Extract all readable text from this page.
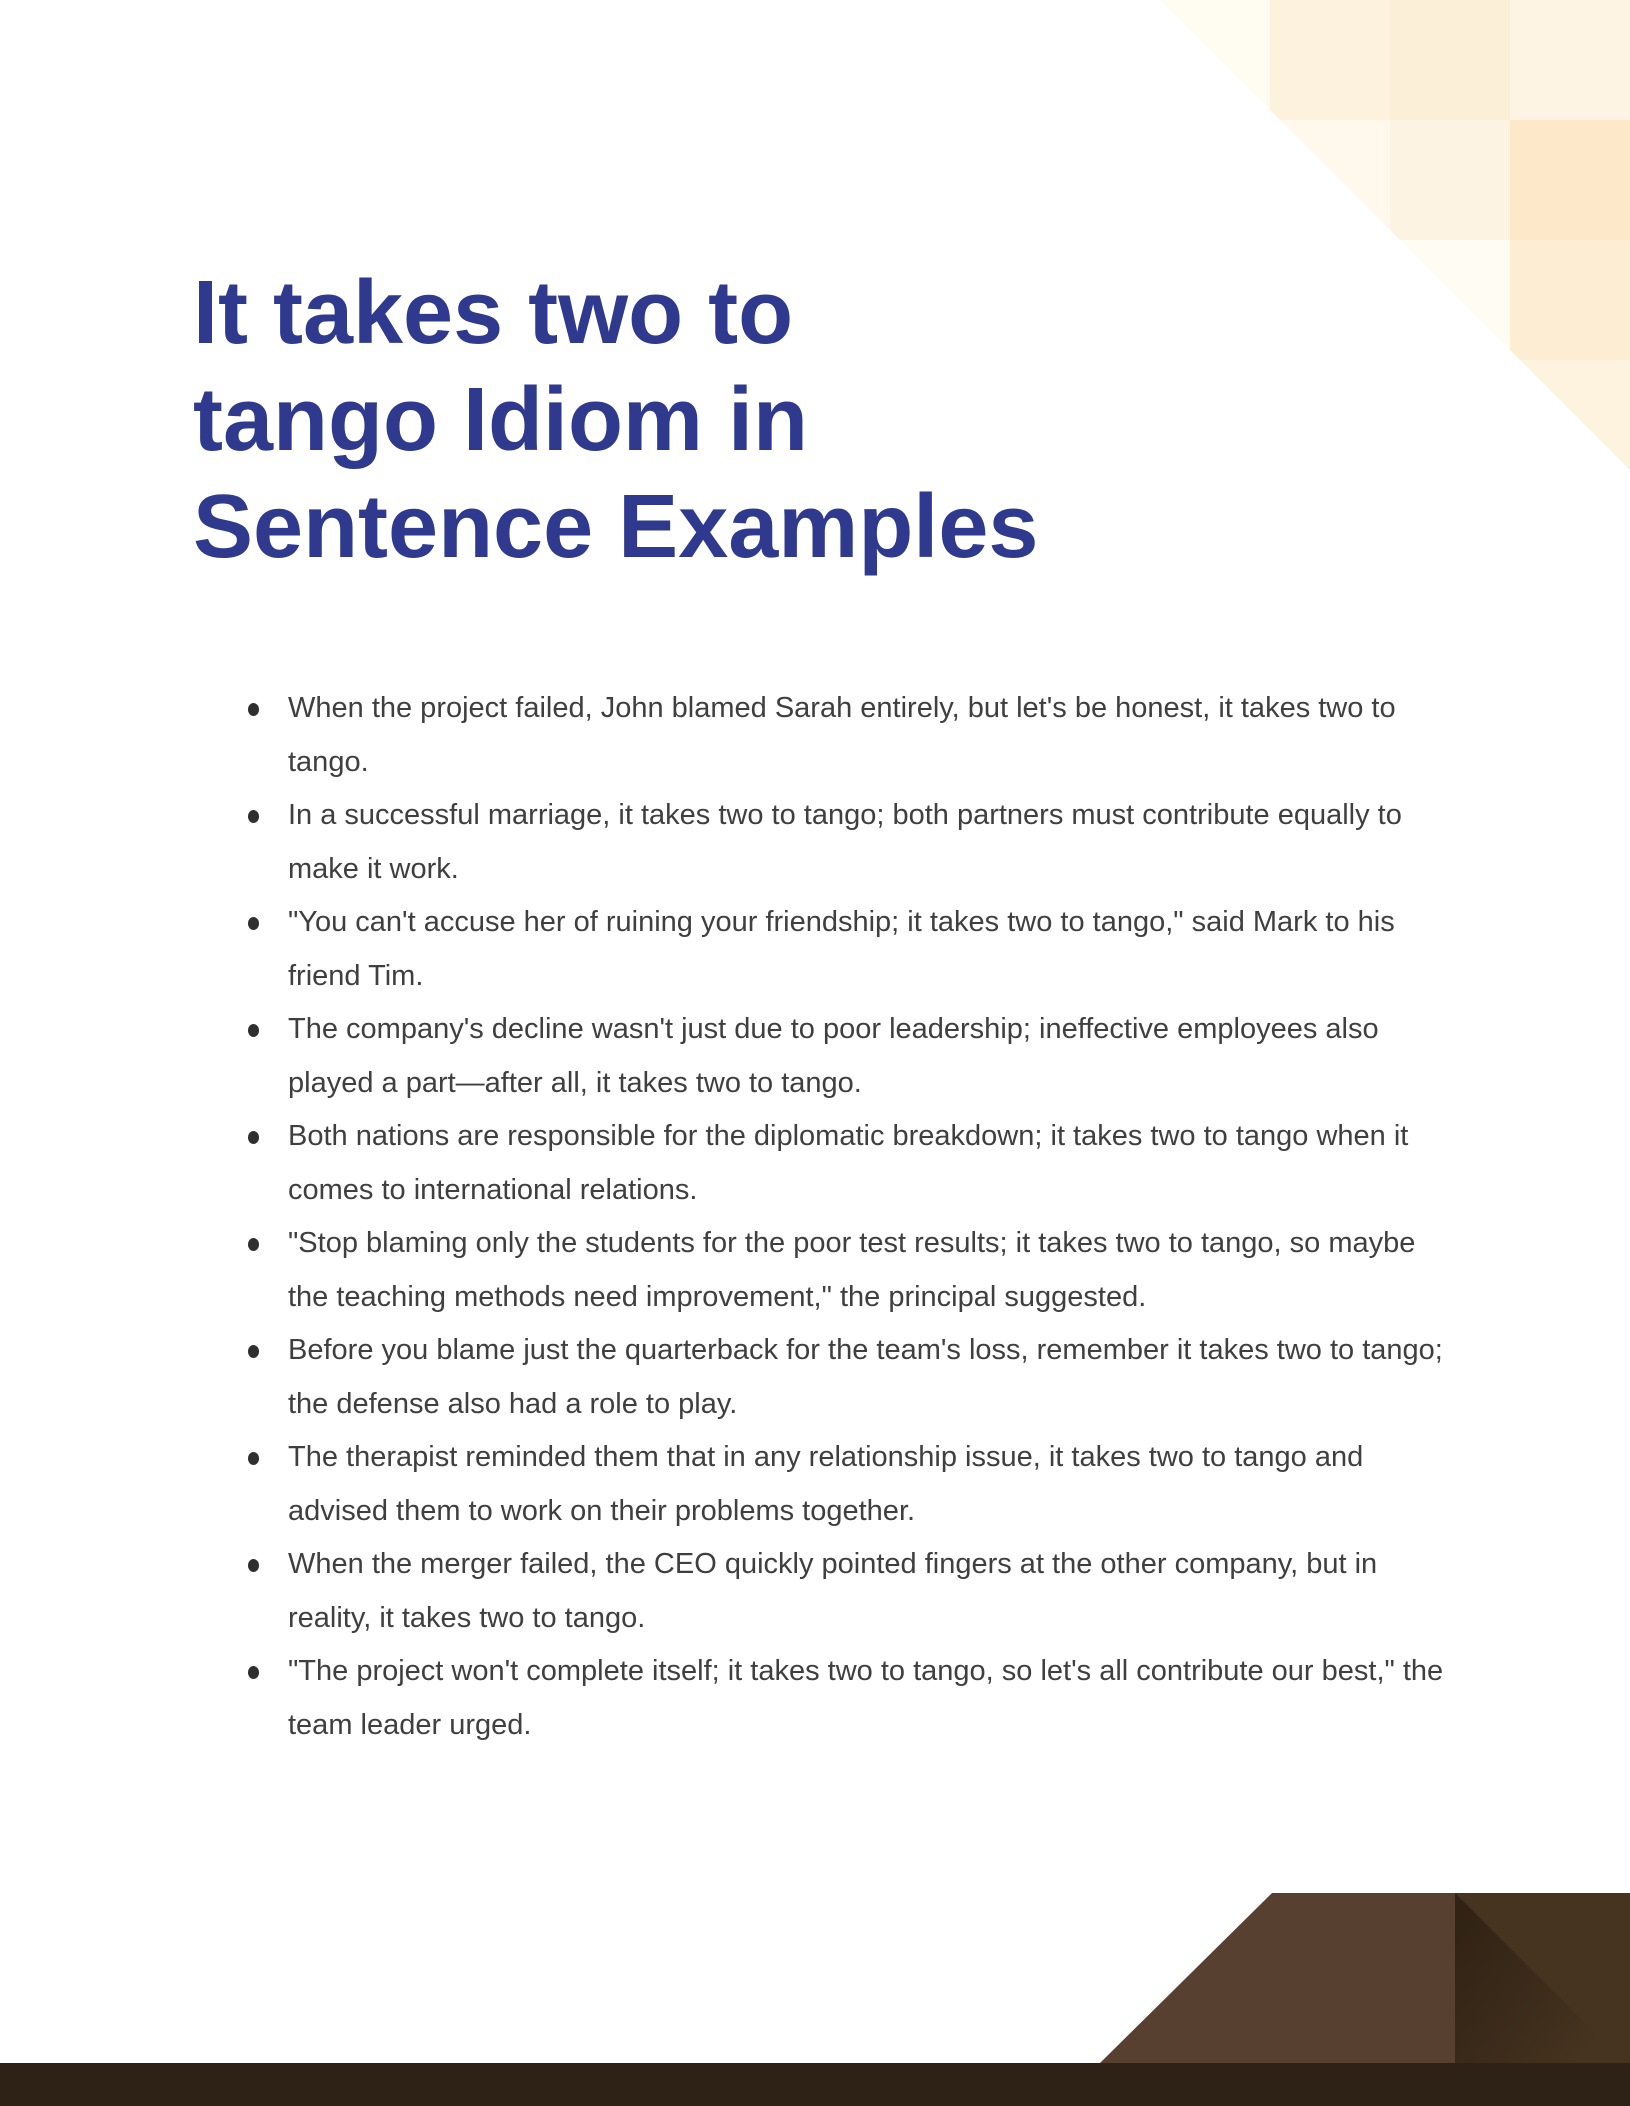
It takes two to
tango Idiom in
Sentence Examples
When the project failed, John blamed Sarah entirely, but let's be honest, it takes two to tango.
In a successful marriage, it takes two to tango; both partners must contribute equally to make it work.
"You can't accuse her of ruining your friendship; it takes two to tango," said Mark to his friend Tim.
The company's decline wasn't just due to poor leadership; ineffective employees also played a part—after all, it takes two to tango.
Both nations are responsible for the diplomatic breakdown; it takes two to tango when it comes to international relations.
"Stop blaming only the students for the poor test results; it takes two to tango, so maybe the teaching methods need improvement," the principal suggested.
Before you blame just the quarterback for the team's loss, remember it takes two to tango; the defense also had a role to play.
The therapist reminded them that in any relationship issue, it takes two to tango and advised them to work on their problems together.
When the merger failed, the CEO quickly pointed fingers at the other company, but in reality, it takes two to tango.
"The project won't complete itself; it takes two to tango, so let's all contribute our best," the team leader urged.
